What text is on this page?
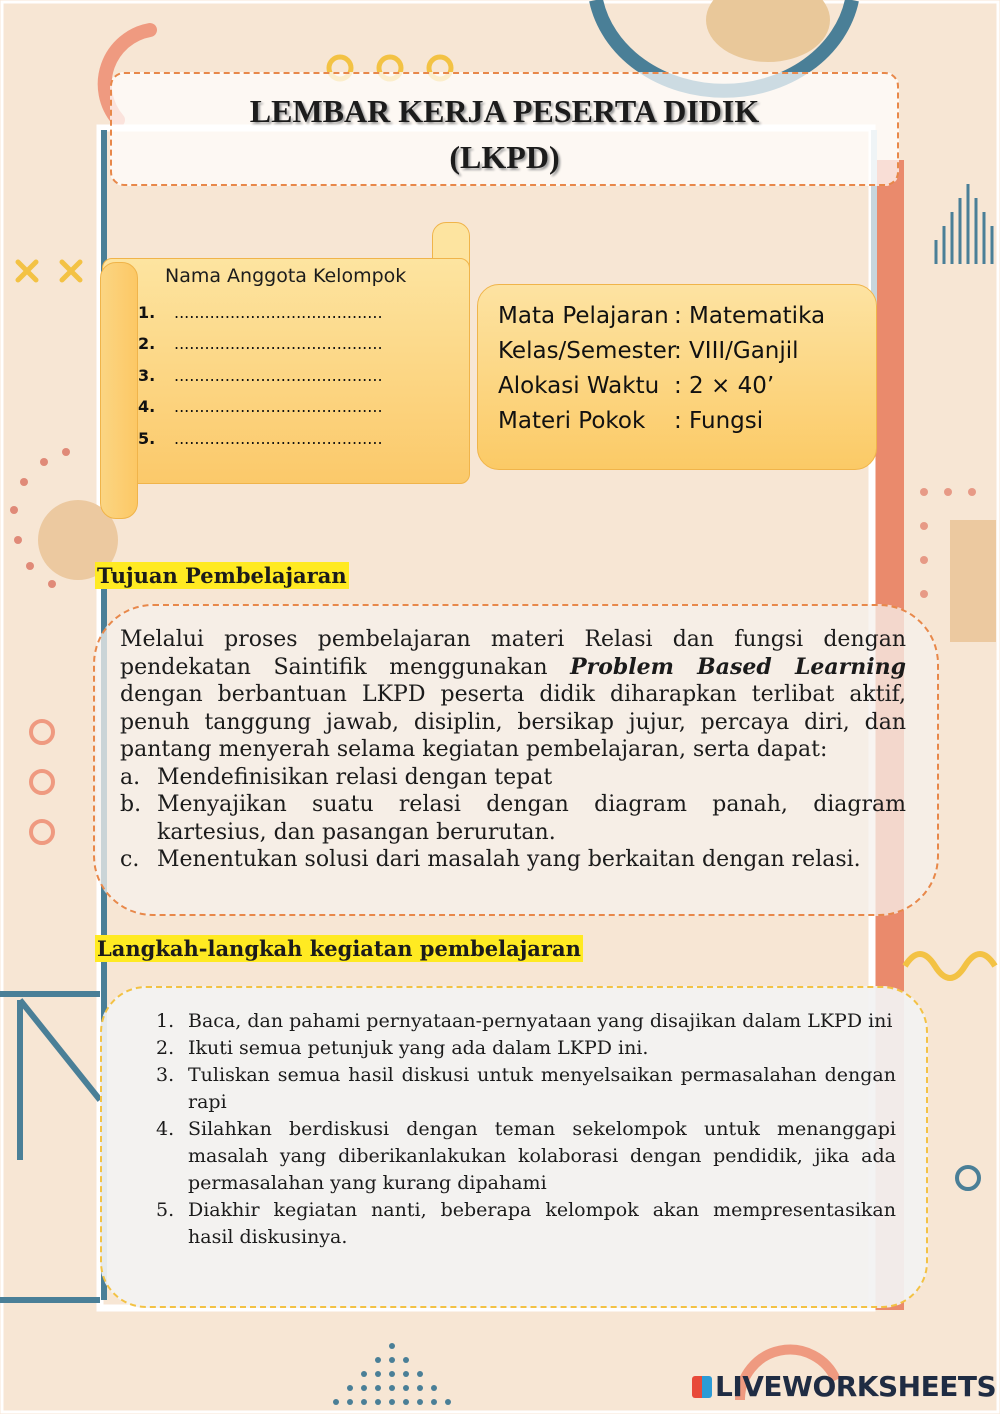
LEMBAR KERJA PESERTA DIDIK
(LKPD)
Nama Anggota Kelompok
1. .........................................
2. .........................................
3. .........................................
4. .........................................
5. .........................................
Mata Pelajaran : Matematika
Kelas/Semester: VIII/Ganjil
Alokasi Waktu : 2 × 40’
Materi Pokok : Fungsi
Tujuan Pembelajaran

Melalui proses pembelajaran materi Relasi dan fungsi dengan pendekatan Saintifik menggunakan Problem Based Learning dengan berbantuan LKPD peserta didik diharapkan terlibat aktif, penuh tanggung jawab, disiplin, bersikap jujur, percaya diri, dan pantang menyerah selama kegiatan pembelajaran, serta dapat:

a. Mendefinisikan relasi dengan tepat
b. Menyajikan suatu relasi dengan diagram panah, diagram kartesius, dan pasangan berurutan.
c. Menentukan solusi dari masalah yang berkaitan dengan relasi.
Langkah-langkah kegiatan pembelajaran
1. Baca, dan pahami pernyataan-pernyataan yang disajikan dalam LKPD ini
2. Ikuti semua petunjuk yang ada dalam LKPD ini.
3. Tuliskan semua hasil diskusi untuk menyelsaikan permasalahan dengan rapi
4. Silahkan berdiskusi dengan teman sekelompok untuk menanggapi masalah yang diberikanlakukan kolaborasi dengan pendidik, jika ada permasalahan yang kurang dipahami
5. Diakhir kegiatan nanti, beberapa kelompok akan mempresentasikan hasil diskusinya.
LIVEWORKSHEETS
